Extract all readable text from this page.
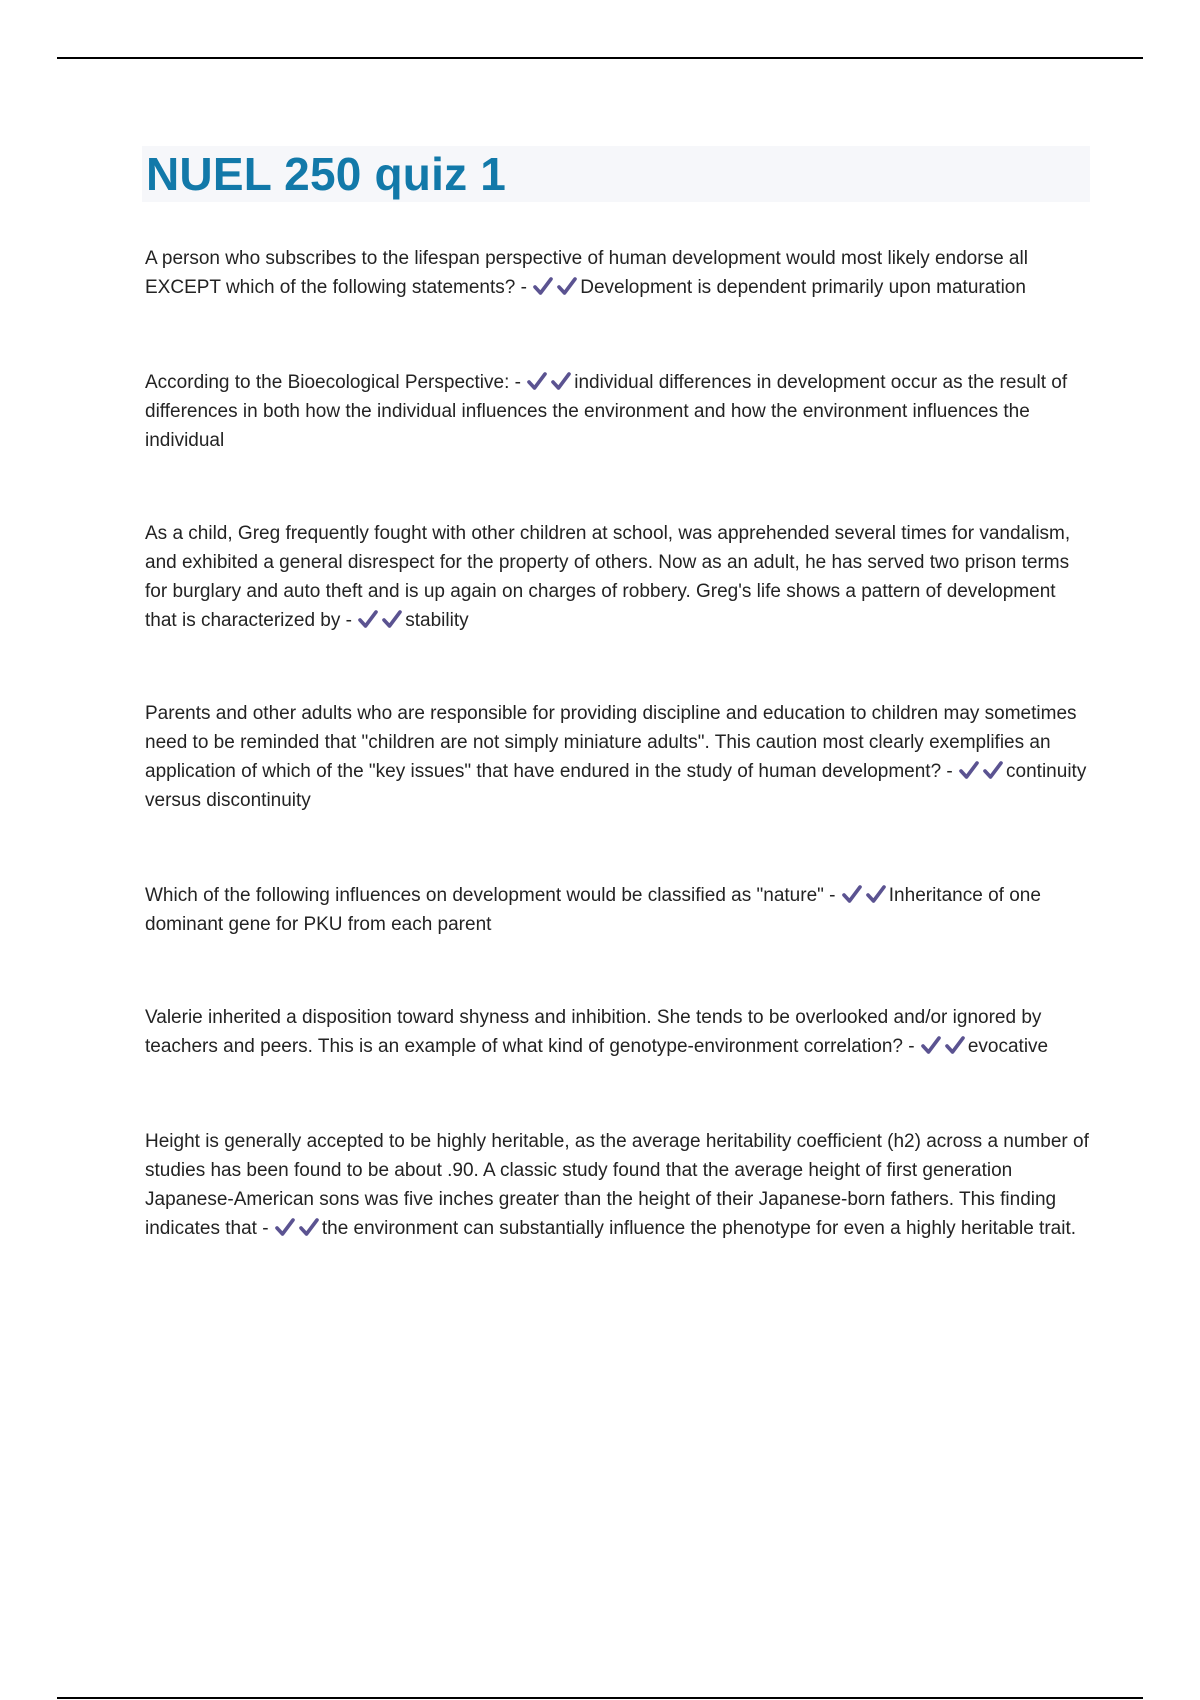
NUEL 250 quiz 1

A person who subscribes to the lifespan perspective of human development would most likely endorse all EXCEPT which of the following statements? -	Development is dependent primarily upon maturation

According to the Bioecological Perspective: -	individual differences in development occur as the result of differences in both how the individual influences the environment and how the environment influences the individual

As a child, Greg frequently fought with other children at school, was apprehended several times for vandalism, and exhibited a general disrespect for the property of others. Now as an adult, he has served two prison terms for burglary and auto theft and is up again on charges of robbery. Greg's life shows a pattern of development that is characterized by -	stability

Parents and other adults who are responsible for providing discipline and education to children may sometimes need to be reminded that "children are not simply miniature adults". This caution most clearly exemplifies an application of which of the "key issues" that have endured in the study of human development? -	continuity versus discontinuity

Which of the following influences on development would be classified as "nature" -	Inheritance of one dominant gene for PKU from each parent

Valerie inherited a disposition toward shyness and inhibition. She tends to be overlooked and/or ignored by teachers and peers. This is an example of what kind of genotype-environment correlation? -	evocative

Height is generally accepted to be highly heritable, as the average heritability coefficient (h2) across a number of studies has been found to be about .90. A classic study found that the average height of first generation Japanese-American sons was five inches greater than the height of their Japanese-born fathers. This finding indicates that -	the environment can substantially influence the phenotype for even a highly heritable trait.
